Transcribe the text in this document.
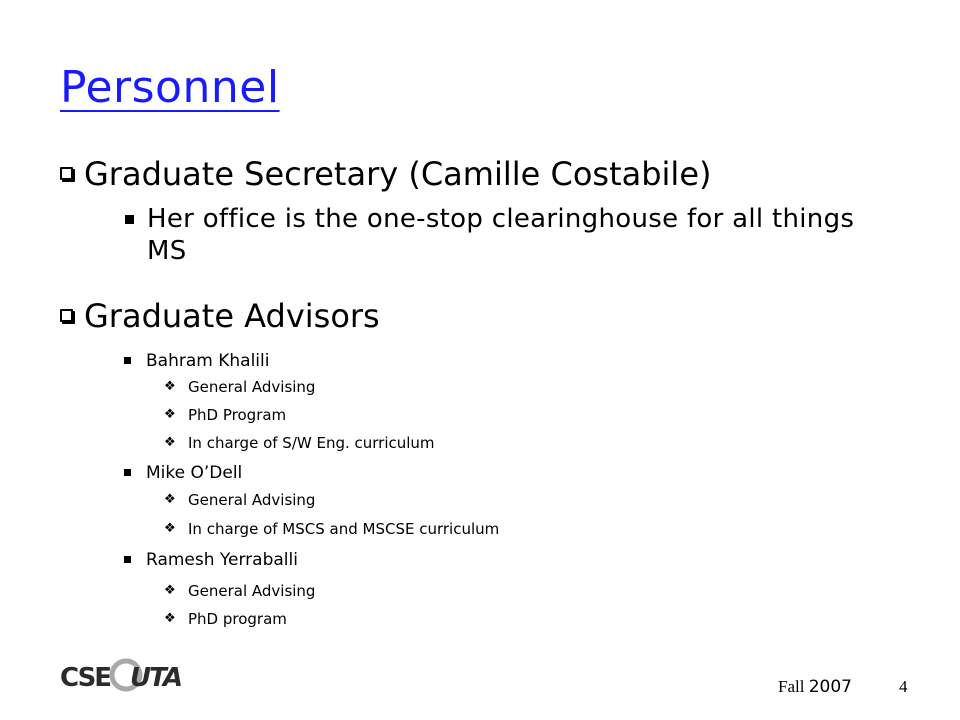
Personnel
Graduate Secretary (Camille Costabile)
Her office is the one-stop clearinghouse for all things MS
Graduate Advisors
Bahram Khalili
❖ General Advising
❖ PhD Program
❖ In charge of S/W Eng. curriculum
Mike O’Dell
❖ General Advising
❖ In charge of MSCS and MSCSE curriculum
Ramesh Yerraballi
❖ General Advising
❖ PhD program
CSE UTA	Fall 2007	4
